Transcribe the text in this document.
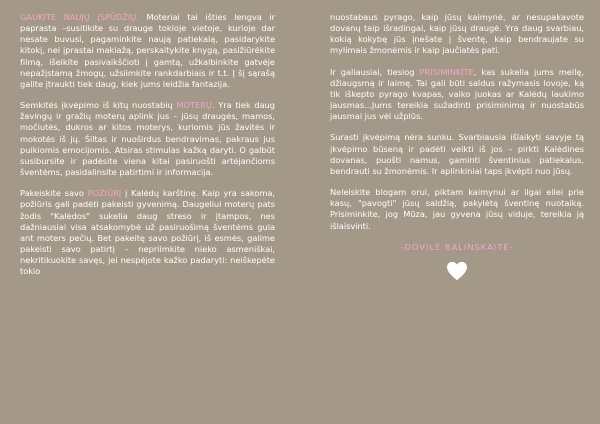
GAUKITE NAUJŲ ĮSPŪDŽIŲ. Moteriai tai išties lengva ir paprasta –susitikite su drauge tokioje vietoje, kurioje dar nesate buvusi, pagaminkite naują patiekalą, pasidarykite kitokį, nei įprastai makiažą, perskaitykite knygą, pasižiūrėkite filmą, išeikite pasivaikščioti į gamtą, užkalbinkite gatvėje nepažįstamą žmogų, užsiimkite rankdarbiais ir t.t. Į šį sąrašą galite įtraukti tiek daug, kiek jums leidžia fantazija.

Semkitės įkvėpimo iš kitų nuostabių MOTERŲ. Yra tiek daug žavingų ir gražių moterų aplink jus – jūsų draugės, mamos, močiutės, dukros ar kitos moterys, kuriomis jūs žavitės ir mokotės iš jų. Šiltas ir nuoširdus bendravimas, pakraus jus puikiomis emocijomis. Atsiras stimulas kažką daryti. O galbūt susibursite ir padėsite viena kitai pasiruošti artėjančioms šventėms, pasidalinsite patirtimi ir informacija.

Pakeiskite savo POŽIŪRĮ į Kalėdų karštinę. Kaip yra sakoma, požiūris gali padėti pakeisti gyvenimą. Daugeliui moterų pats žodis "Kalėdos" sukelia daug streso ir įtampos, nes dažniausiai visa atsakomybė už pasiruošimą šventėms gula ant moters pečių. Bet pakeitę savo požiūrį, iš esmės, galime pakeisti savo patirtį – nepriimkite nieko asmeniškai, nekritikuokite savęs, jei nespėjote kažko padaryti: neiškepėte tokio

nuostabaus pyrago, kaip jūsų kaimynė, ar nesupakavote dovanų taip išradingai, kaip jūsų draugė. Yra daug svarbiau, kokią kokybę jūs įnešate į šventę, kaip bendraujate su mylimais žmonėmis ir kaip jaučiatės pati.

Ir galiausiai, tiesiog PRISIMINKITE, kas sukelia jums meilę, džiaugsmą ir laimę. Tai gali būti saldus ražymasis lovoje, ką tik iškepto pyrago kvapas, vaiko juokas ar Kalėdų laukimo jausmas...Jums tereikia sužadinti prisiminimą ir nuostabūs jausmai jus vėl užplūs.

Surasti įkvėpimą nėra sunku. Svarbiausia išlaikyti savyje tą įkvėpimo būseną ir padėti veikti iš jos – pirkti Kalėdines dovanas, puošti namus, gaminti šventinius patiekalus, bendrauti su žmonėmis. Ir aplinkiniai taps įkvėpti nuo jūsų.

Neleiskite blogam orui, piktam kaimynui ar ilgai eilei prie kasų, "pavogti" jūsų saldžią, pakylėtą šventinę nuotaiką. Prisiminkite, jog Mūza, jau gyvena jūsų viduje, tereikia ją išlaisvinti.

-DOVILĖ BALINSKAITĖ-
